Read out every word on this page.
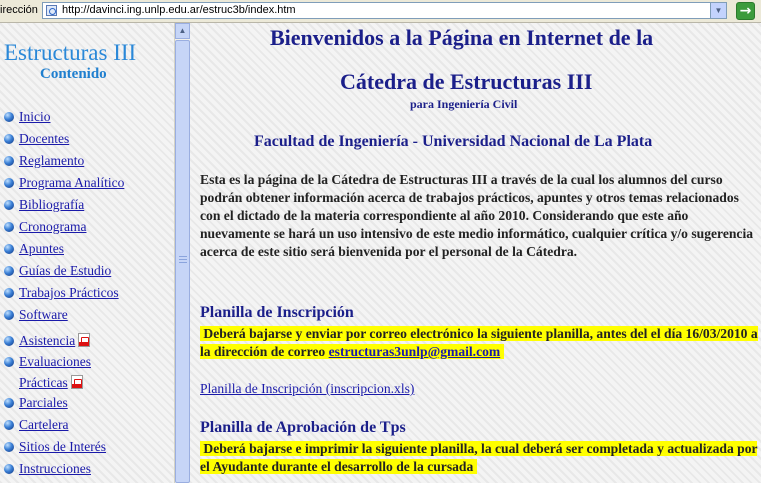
irección http://davinci.ing.unlp.edu.ar/estruc3b/index.htm	▼ →
Estructuras III
Contenido
Inicio
Docentes
Reglamento
Programa Analítico
Bibliografía
Cronograma
Apuntes
Guías de Estudio
Trabajos Prácticos
Software
Asistencia
Evaluaciones
Prácticas
Parciales
Cartelera
Sitios de Interés
Instrucciones
▲	Bienvenidos a la Página en Internet de la
Cátedra de Estructuras III
para Ingeniería Civil
Facultad de Ingeniería - Universidad Nacional de La Plata

Esta es la página de la Cátedra de Estructuras III a través de la cual los alumnos del curso podrán obtener información acerca de trabajos prácticos, apuntes y otros temas relacionados con el dictado de la materia correspondiente al año 2010. Considerando que este año nuevamente se hará un uso intensivo de este medio informático, cualquier crítica y/o sugerencia acerca de este sitio será bienvenida por el personal de la Cátedra.

Planilla de Inscripción
Deberá bajarse y enviar por correo electrónico la siguiente planilla, antes del el día 16/03/2010 a la dirección de correo estructuras3unlp@gmail.com
Planilla de Inscripción (inscripcion.xls)
Planilla de Aprobación de Tps
Deberá bajarse e imprimir la siguiente planilla, la cual deberá ser completada y actualizada por el Ayudante durante el desarrollo de la cursada
